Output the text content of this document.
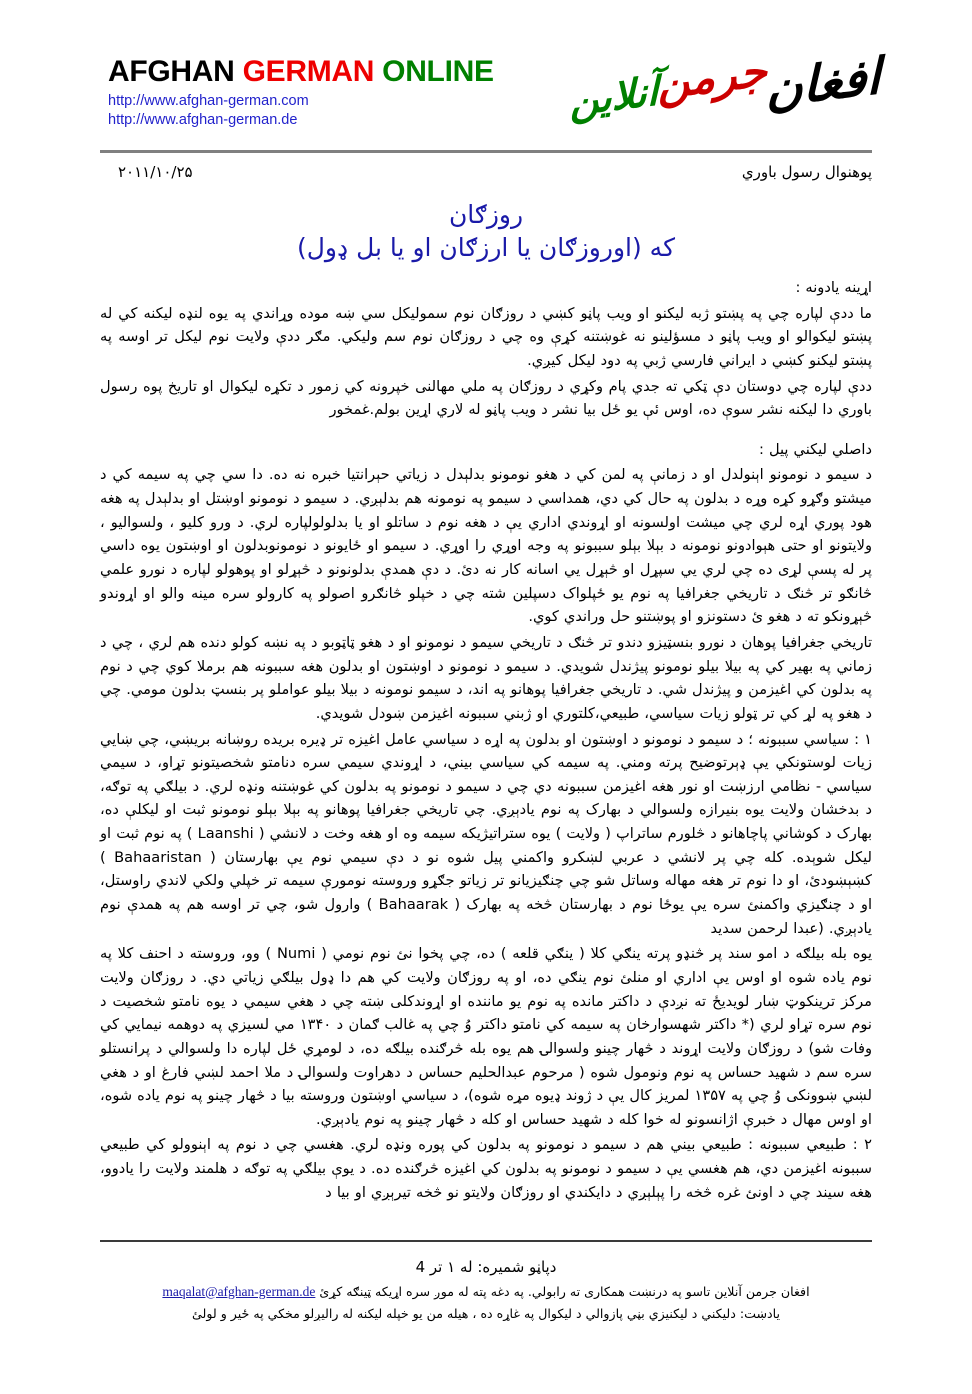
AFGHAN GERMAN ONLINE
http://www.afghan-german.com
http://www.afghan-german.de
افغان جرمن آنلاین
پوهنوال رسول باوري
۲۰۱۱/۱۰/۲۵
روزګان
که (اوروزګان یا ارزګان او یا بل ډول)

اړینه یادونه :

ما ددې لپاره چي په پښتو ژبه لیکنو او ویب پاڼو کښي د روزګان نوم سمولیکل سي ښه موده وړاندي په یوه لنډه لیکنه کي له پښتو لیکوالو او ویب پاڼو د مسؤلینو نه غوښتنه کړې وه چي د روزګان نوم سم ولیکي. مګر ددې ولایت نوم لیکل تر اوسه په پښتو لیکنو کښي د ایراني فارسي ژبي په دود لیکل کیږي.

ددې لپاره چي دوستان دې ټکي ته جدي پام وکړي د روزګان په ملي مهالنی خپرونه کي زمور د تکړه لیکوال او تاریخ پوه رسول باوري دا لیکنه نشر سوې ده، اوس ئې یو ځل بیا نشر د ویب پاڼو له لاري اړین بولم.غمخور

داصلي لیکني پیل :

د سیمو د نومونو اېنولدل او د زمانې په لمن کي د هغو نومونو بدلېدل د زیاتي حېرانتیا خبره نه ده. دا سي چي په سیمه کي د میشتو وګړو کړه وړه د بدلون په حال کي دي، همداسي د سیمو په نومونه هم بدلېږي. د سیمو د نومونو اوښتل او بدلېدل په هغه هود پوري اړه لري چي میشت اولسونه او اړوندي اداري یې د هغه نوم د ساتلو او یا بدلولولپاره لري. د ورو کلیو ، ولسوالیو ، ولایتونو او حتی هېوادونو نومونه د بېلا بېلو سببونو په وجه اوړي را اوړي. د سیمو او ځایونو د نومونوبدلون او اوښتون یوه داسي پر له پسې لړی ده چي لري یي سپړل او څېړل یي اسانه کار نه دئ. د دې همدې بدلونونو د څېړلو او پوهولو لپاره د نورو علمي څانګو تر څنګ د تاریخي جغرافیا په نوم یو ځپلواک دسپلین شته چي د خپلو څانګرو اصولو په کارولو سره مینه والو او اړوندو څېړونکو ته د هغو ئ دستونزو او پوښتنو حل وراندي کوي.

تاریخي جغرافیا پوهان د نورو بنسټیزو دندو تر څنګ د تاریخي سیمو د نومونو او د هغو ټاټوبو د په نښه کولو دنده هم لري ، چي د زماني په بهیر کي په بیلا بیلو نومونو پیژندل شویدي. د سیمو د نومونو د اوښتون او بدلون هغه سببونه هم برملا کوي چي د نوم په بدلون کي اغیزمن و پیژندل شي. د تاریخي جغرافیا پوهانو په اند، د سیمو نومونه د بیلا بیلو عواملو پر بنسټ بدلون مومي. چي د هغو په لړ کي تر ټولو زیات سیاسي، طبیعي،کلتوري او ژبني سببونه اغیزمن ښودل شویدي.

۱ : سیاسي سببونه ؛ د سیمو د نومونو د اوښتون او بدلون په اړه د سیاسي عامل اغیزه تر ډیره بریده روښانه بریښي، چي ښایي زیات لوستونکي یې ډېرتوضیح پرته ومني. په سیمه کي سیاسي بیني، د اړوندي سیمي سره دنامتو شخصیتونو تړاو، د سیمي سیاسي - نظامي ارزښت او نور هغه اغیزمن سببونه دي چي د سیمو د نومونو په بدلون کي غوښتنه ونډه لري. د بیلګي په توګه، د بدخشان ولایت یوه بنیرازه ولسوالي د بهارک په نوم یادېږي. چي تاریخي جغرافیا پوهانو په بېلا بېلو نومونو ثبت او لیکلې ده، بهارک د کوشاني پاچاهانو د څلورم ساتراپ ( ولایت ) یوه ستراتیژیکه سیمه وه او هغه وخت د لانشي ( Laanshi ) په نوم ثبت او لیکل شوېده. کله چي پر لانشي د عربي لښکرو واکمني پیل شوه نو د دې سیمي نوم یې بهارستان ( Bahaaristan ) کښېښودئ، او دا نوم تر هغه مهاله وساتل شو چي چنګیزیانو تر زیاتو جګړو وروسته نومورې سیمه تر خپلي ولکي لاندي راوستل، او د چنګیزي واکمنئ سره یې یوځا نوم د بهارستان څخه په بهارک ( Bahaarak ) وارول شو، چي تر اوسه هم په همدې نوم یادېږي. (عبدا لرحمن سدید

یوه بله بیلګه د امو سند پر څنډو پرته ینګي کلا ( ینګي قلعه ) ده، چي پخوا نئ نوم نومي ( Numi ) وو، وروسته د احنف کلا په نوم یاده شوه او اوس یې اداري او منلئ نوم ینګي ده، او په روزګان ولایت کي هم دا ډول بیلګي زیاتي دي. د روزګان ولایت مرکز ترینکوټ ښار لویدیځ ته نږدې د داکتر مانده په نوم یو ماننده او اړوندکلی ښته چي د هغي سیمي د یوه نامتو شخصیت د نوم سره تړاو لري (* داکتر شهسوارخان په سیمه کي نامتو داکتر وُ چي په غالب ګمان د ۱۳۴۰ مي لسیزي په دوهمه نیمایي کي وفات شو) د روزګان ولایت اړوند د څهار چینو ولسوالۍ هم یوه بله څرګنده بیلګه ده، د لومړي ځل لپاره دا ولسوالي د پرانستلو سره سم د شهید حساس په نوم ونومول شوه ( مرحوم عبدالحلیم حساس د دهراوت ولسوالۍ د ملا احمد لښي فارغ او د هغي لښي ښوونکی وُ چي په ۱۳۵۷ لمریز کال یې د ژوند ډیوه مړه شوه)، د سیاسي اوښتون وروسته بیا د څهار چینو په نوم یاده شوه، او اوس مهال د خبرې اژانسونو له خوا کله د شهید حساس او کله د څهار چینو په نوم یادېږي.

۲ : طبیعي سببونه : طبیعي بیني هم د سیمو د نومونو په بدلون کي پوره ونډه لري. هغسي چي د نوم په اېنوولو کي طبیعي سببونه اغیزمن دي، هم هغسي یې د سیمو د نومونو په بدلون کي اغیزه څرګنده ده. د یوې بیلګي په توګه د هلمند ولایت را یادوو، هغه سیند چي د اونئ غره څخه را پېلېږي د دایکندي او روزګان ولایتو نو څخه تیرېږي او بیا د

دپاڼو شمیره: له ۱ تر 4

افغان جرمن آنلاین تاسو په درنښت همکاری ته رابولي. په دغه پته له موږ سره اړیکه ټینګه کړئ maqalat@afghan-german.de

یادښت: دلیکني د لیکنیزي بڼي پازوالي د لیکوال په غاړه ده ، هیله من یو خپله لیکنه له رالیږلو مخکي په ځیر و لولئ
